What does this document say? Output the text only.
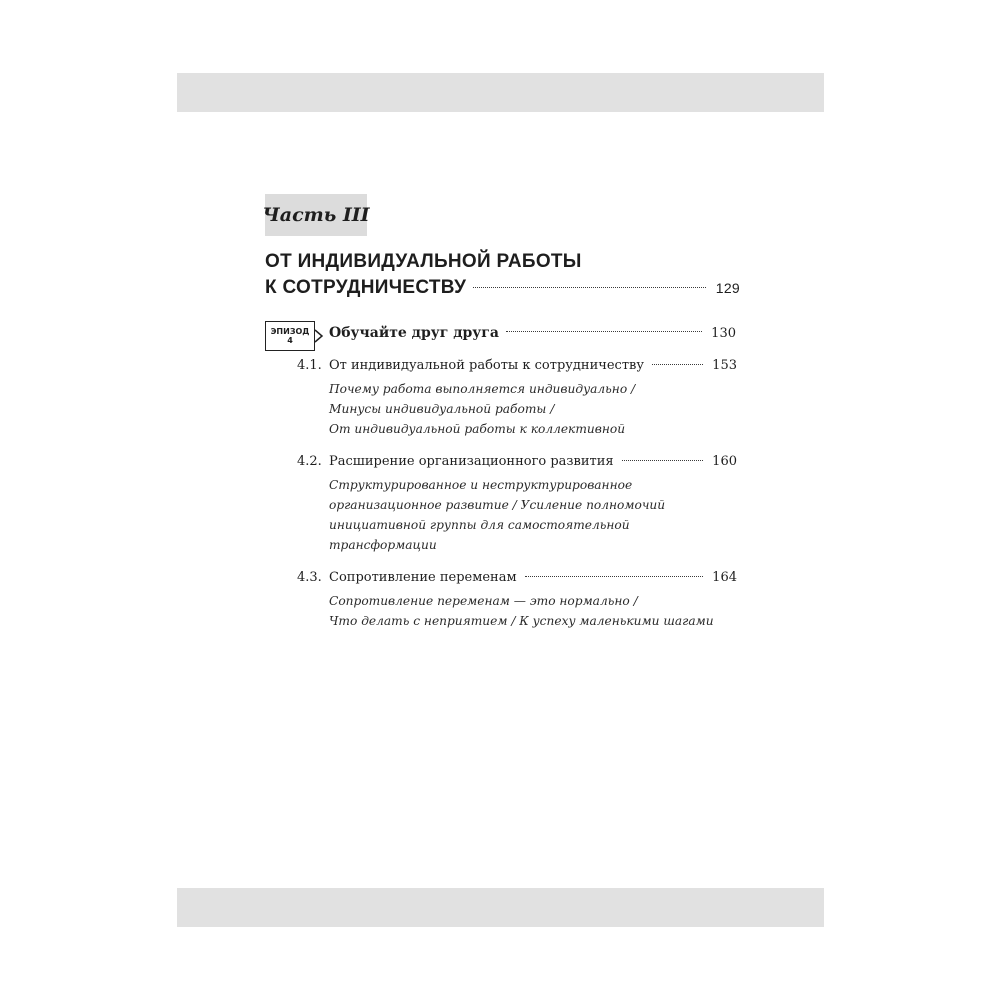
Часть III
ОТ ИНДИВИДУАЛЬНОЙ РАБОТЫ
К СОТРУДНИЧЕСТВУ	129
ЭПИЗОД
4	Обучайте друг друга	130
4.1. От индивидуальной работы к сотрудничеству	153
Почему работа выполняется индивидуально /
Минусы индивидуальной работы /
От индивидуальной работы к коллективной
4.2. Расширение организационного развития	160
Структурированное и неструктурированное
организационное развитие / Усиление полномочий
инициативной группы для самостоятельной
трансформации
4.3. Сопротивление переменам	164
Сопротивление переменам — это нормально /
Что делать с неприятием / К успеху маленькими шагами
